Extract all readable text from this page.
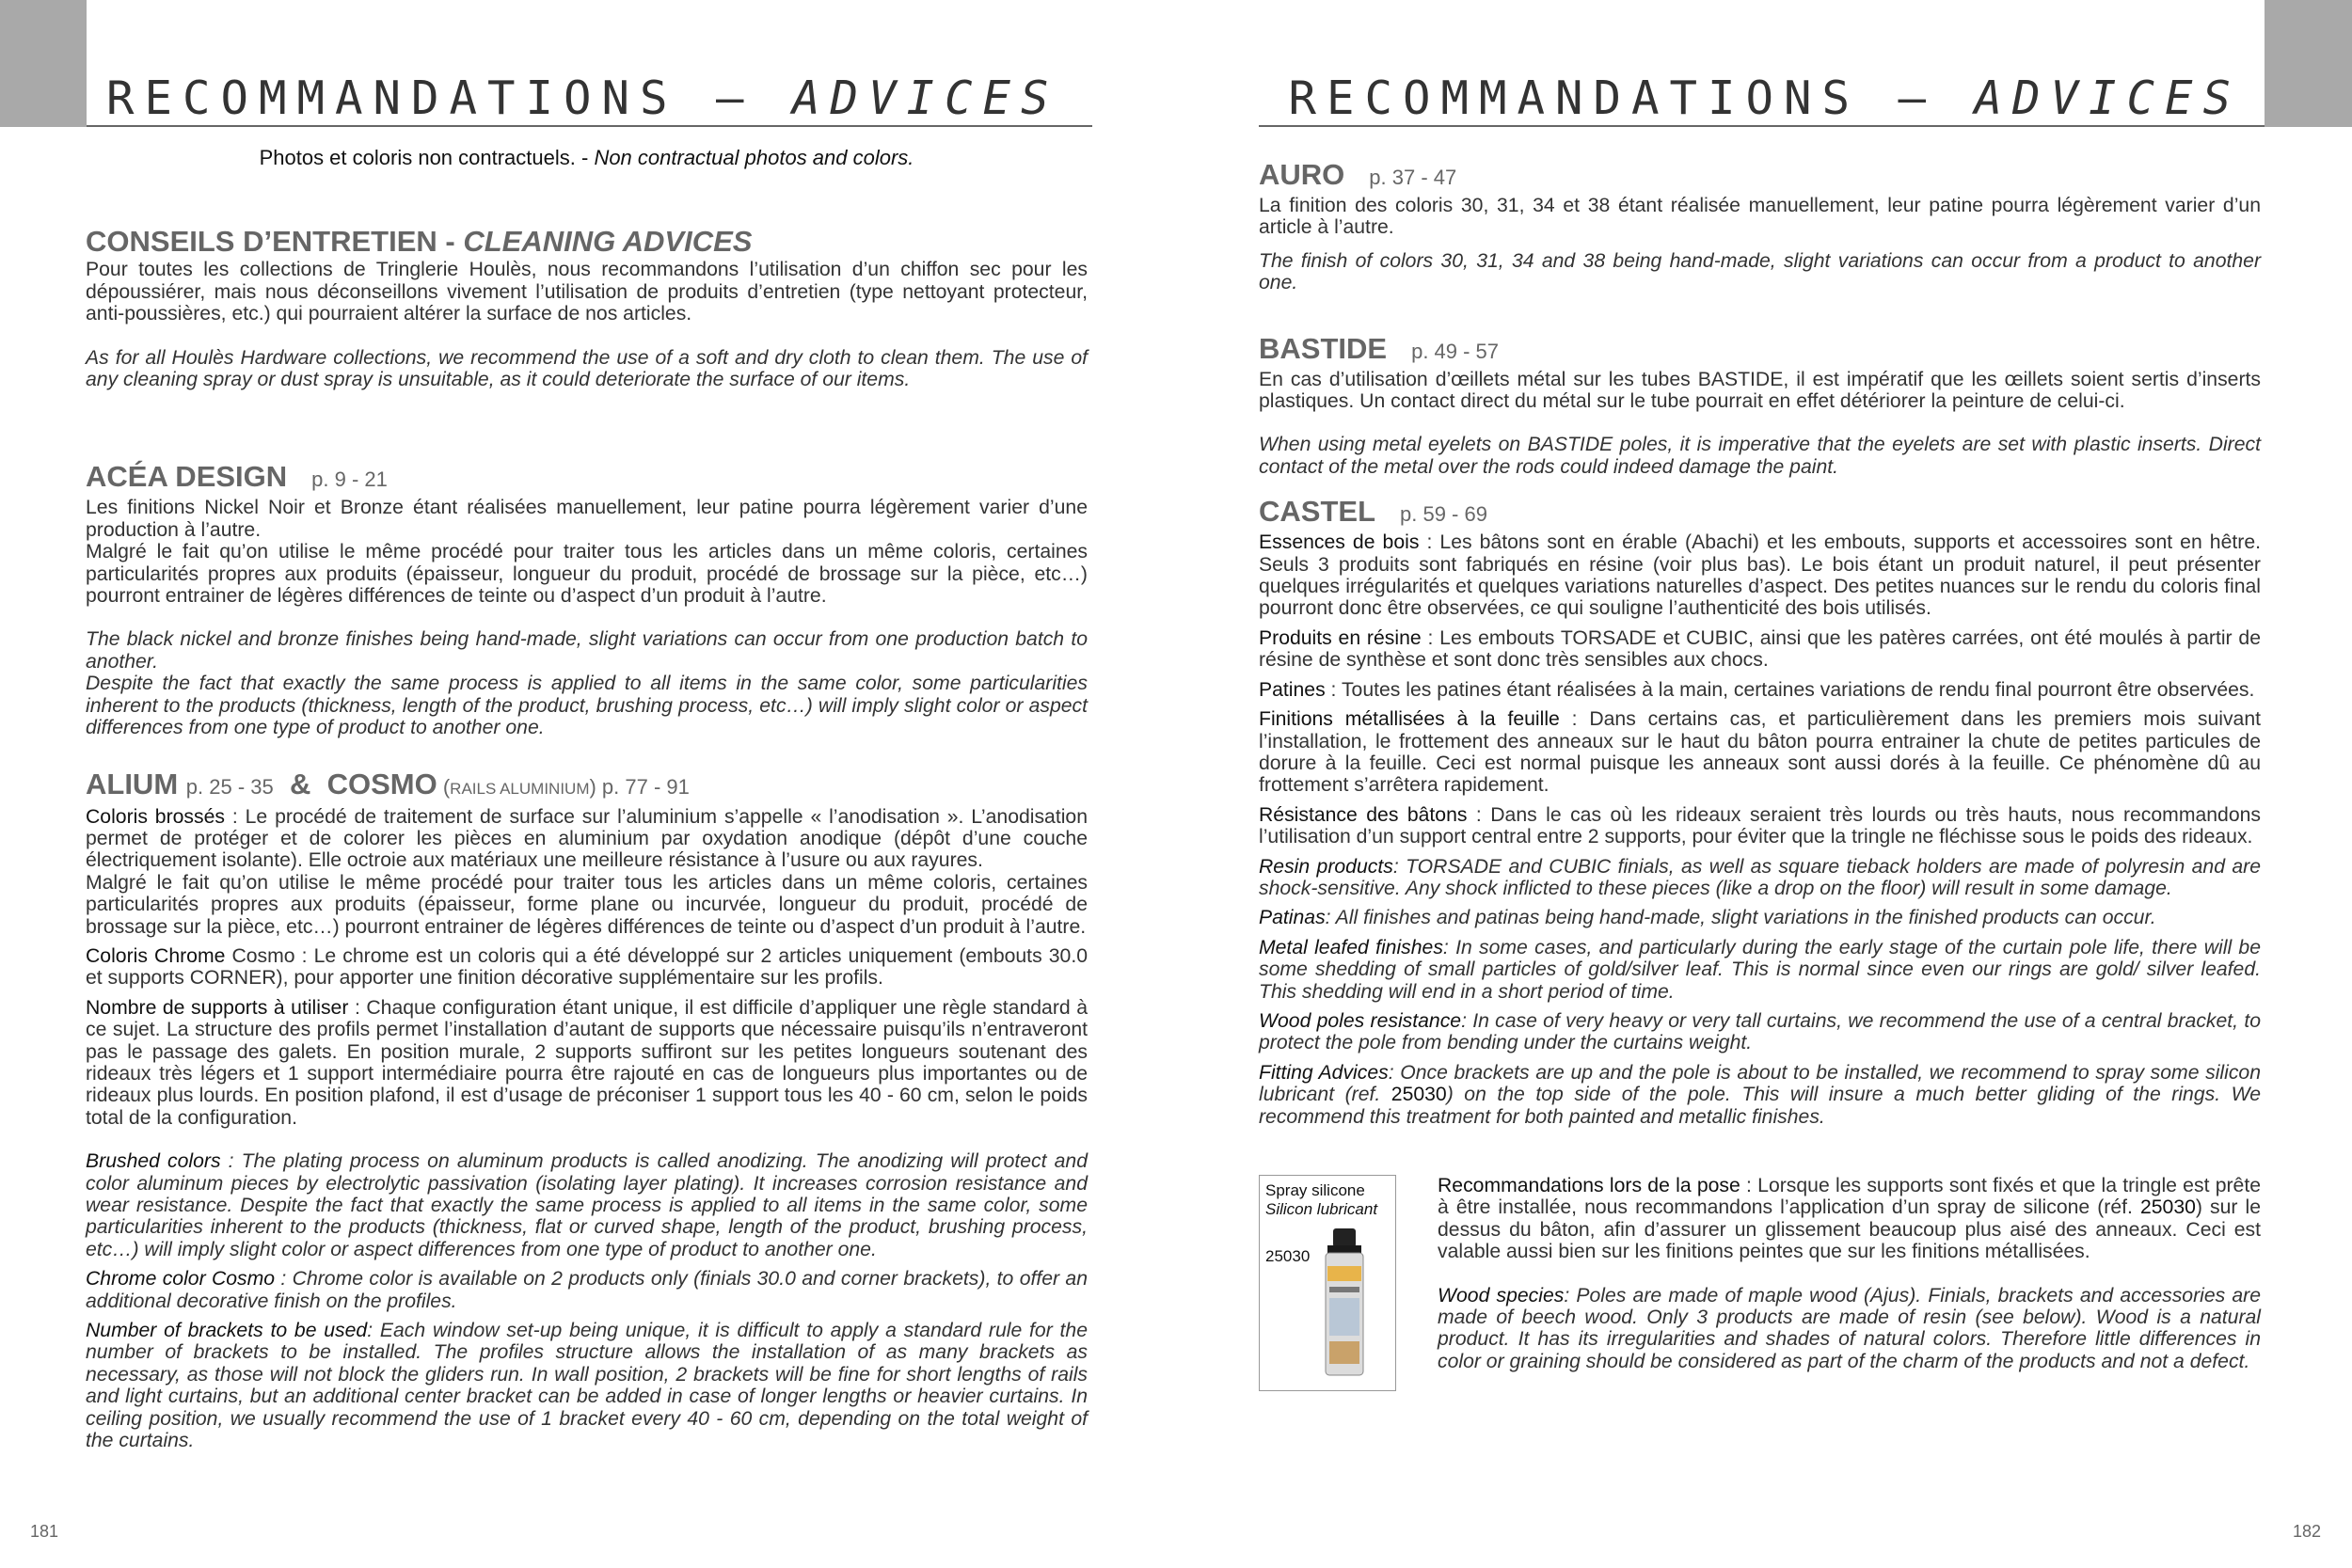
RECOMMANDATIONS – ADVICES	RECOMMANDATIONS – ADVICES

Photos et coloris non contractuels. - Non contractual photos and colors.

CONSEILS D’ENTRETIEN - CLEANING ADVICES

Pour toutes les collections de Tringlerie Houlès, nous recommandons l’utilisation d’un chiffon sec pour les dépoussiérer, mais nous déconseillons vivement l’utilisation de produits d’entretien (type nettoyant protecteur, anti-poussières, etc.) qui pourraient altérer la surface de nos articles.

As for all Houlès Hardware collections, we recommend the use of a soft and dry cloth to clean them. The use of any cleaning spray or dust spray is unsuitable, as it could deteriorate the surface of our items.

ACÉA DESIGN p. 9 - 21

Les finitions Nickel Noir et Bronze étant réalisées manuellement, leur patine pourra légèrement varier d’une production à l’autre.

Malgré le fait qu’on utilise le même procédé pour traiter tous les articles dans un même coloris, certaines particularités propres aux produits (épaisseur, longueur du produit, procédé de brossage sur la pièce, etc…) pourront entrainer de légères différences de teinte ou d’aspect d’un produit à l’autre.

The black nickel and bronze finishes being hand-made, slight variations can occur from one production batch to another.

Despite the fact that exactly the same process is applied to all items in the same color, some particularities inherent to the products (thickness, length of the product, brushing process, etc…) will imply slight color or aspect differences from one type of product to another one.

ALIUM p. 25 - 35 & COSMO (RAILS ALUMINIUM) p. 77 - 91

Coloris brossés : Le procédé de traitement de surface sur l’aluminium s’appelle « l’anodisation ». L’anodisation permet de protéger et de colorer les pièces en aluminium par oxydation anodique (dépôt d’une couche électriquement isolante). Elle octroie aux matériaux une meilleure résistance à l’usure ou aux rayures.

Malgré le fait qu’on utilise le même procédé pour traiter tous les articles dans un même coloris, certaines particularités propres aux produits (épaisseur, forme plane ou incurvée, longueur du produit, procédé de brossage sur la pièce, etc…) pourront entrainer de légères différences de teinte ou d’aspect d’un produit à l’autre.

Coloris Chrome Cosmo : Le chrome est un coloris qui a été développé sur 2 articles uniquement (embouts 30.0 et supports CORNER), pour apporter une finition décorative supplémentaire sur les profils.

Nombre de supports à utiliser : Chaque configuration étant unique, il est difficile d’appliquer une règle standard à ce sujet. La structure des profils permet l’installation d’autant de supports que nécessaire puisqu’ils n’entraveront pas le passage des galets. En position murale, 2 supports suffiront sur les petites longueurs soutenant des rideaux très légers et 1 support intermédiaire pourra être rajouté en cas de longueurs plus importantes ou de rideaux plus lourds. En position plafond, il est d’usage de préconiser 1 support tous les 40 - 60 cm, selon le poids total de la configuration.

Brushed colors : The plating process on aluminum products is called anodizing. The anodizing will protect and color aluminum pieces by electrolytic passivation (isolating layer plating). It increases corrosion resistance and wear resistance. Despite the fact that exactly the same process is applied to all items in the same color, some particularities inherent to the products (thickness, flat or curved shape, length of the product, brushing process, etc…) will imply slight color or aspect differences from one type of product to another one.

Chrome color Cosmo : Chrome color is available on 2 products only (finials 30.0 and corner brackets), to offer an additional decorative finish on the profiles.

Number of brackets to be used: Each window set-up being unique, it is difficult to apply a standard rule for the number of brackets to be installed. The profiles structure allows the installation of as many brackets as necessary, as those will not block the gliders run. In wall position, 2 brackets will be fine for short lengths of rails and light curtains, but an additional center bracket can be added in case of longer lengths or heavier curtains. In ceiling position, we usually recommend the use of 1 bracket every 40 - 60 cm, depending on the total weight of the curtains.

AURO p. 37 - 47

La finition des coloris 30, 31, 34 et 38 étant réalisée manuellement, leur patine pourra légèrement varier d’un article à l’autre.

The finish of colors 30, 31, 34 and 38 being hand-made, slight variations can occur from a product to another one.

BASTIDE p. 49 - 57

En cas d’utilisation d’œillets métal sur les tubes BASTIDE, il est impératif que les œillets soient sertis d’inserts plastiques. Un contact direct du métal sur le tube pourrait en effet détériorer la peinture de celui-ci.

When using metal eyelets on BASTIDE poles, it is imperative that the eyelets are set with plastic inserts. Direct contact of the metal over the rods could indeed damage the paint.

CASTEL p. 59 - 69

Essences de bois : Les bâtons sont en érable (Abachi) et les embouts, supports et accessoires sont en hêtre. Seuls 3 produits sont fabriqués en résine (voir plus bas). Le bois étant un produit naturel, il peut présenter quelques irrégularités et quelques variations naturelles d’aspect. Des petites nuances sur le rendu du coloris final pourront donc être observées, ce qui souligne l’authenticité des bois utilisés.

Produits en résine : Les embouts TORSADE et CUBIC, ainsi que les patères carrées, ont été moulés à partir de résine de synthèse et sont donc très sensibles aux chocs.

Patines : Toutes les patines étant réalisées à la main, certaines variations de rendu final pourront être observées.

Finitions métallisées à la feuille : Dans certains cas, et particulièrement dans les premiers mois suivant l’installation, le frottement des anneaux sur le haut du bâton pourra entrainer la chute de petites particules de dorure à la feuille. Ceci est normal puisque les anneaux sont aussi dorés à la feuille. Ce phénomène dû au frottement s’arrêtera rapidement.

Résistance des bâtons : Dans le cas où les rideaux seraient très lourds ou très hauts, nous recommandons l’utilisation d’un support central entre 2 supports, pour éviter que la tringle ne fléchisse sous le poids des rideaux.

Resin products: TORSADE and CUBIC finials, as well as square tieback holders are made of polyresin and are shock-sensitive. Any shock inflicted to these pieces (like a drop on the floor) will result in some damage.

Patinas: All finishes and patinas being hand-made, slight variations in the finished products can occur.

Metal leafed finishes: In some cases, and particularly during the early stage of the curtain pole life, there will be some shedding of small particles of gold/silver leaf. This is normal since even our rings are gold/ silver leafed. This shedding will end in a short period of time.

Wood poles resistance: In case of very heavy or very tall curtains, we recommend the use of a central bracket, to protect the pole from bending under the curtains weight.

Fitting Advices: Once brackets are up and the pole is about to be installed, we recommend to spray some silicon lubricant (ref. 25030) on the top side of the pole. This will insure a much better gliding of the rings. We recommend this treatment for both painted and metallic finishes.

Spray silicone
Silicon lubricant
25030

Recommandations lors de la pose : Lorsque les supports sont fixés et que la tringle est prête à être installée, nous recommandons l’application d’un spray de silicone (réf. 25030) sur le dessus du bâton, afin d’assurer un glissement beaucoup plus aisé des anneaux. Ceci est valable aussi bien sur les finitions peintes que sur les finitions métallisées.

Wood species: Poles are made of maple wood (Ajus). Finials, brackets and accessories are made of beech wood. Only 3 products are made of resin (see below). Wood is a natural product. It has its irregularities and shades of natural colors. Therefore little differences in color or graining should be considered as part of the charm of the products and not a defect.

181	182
